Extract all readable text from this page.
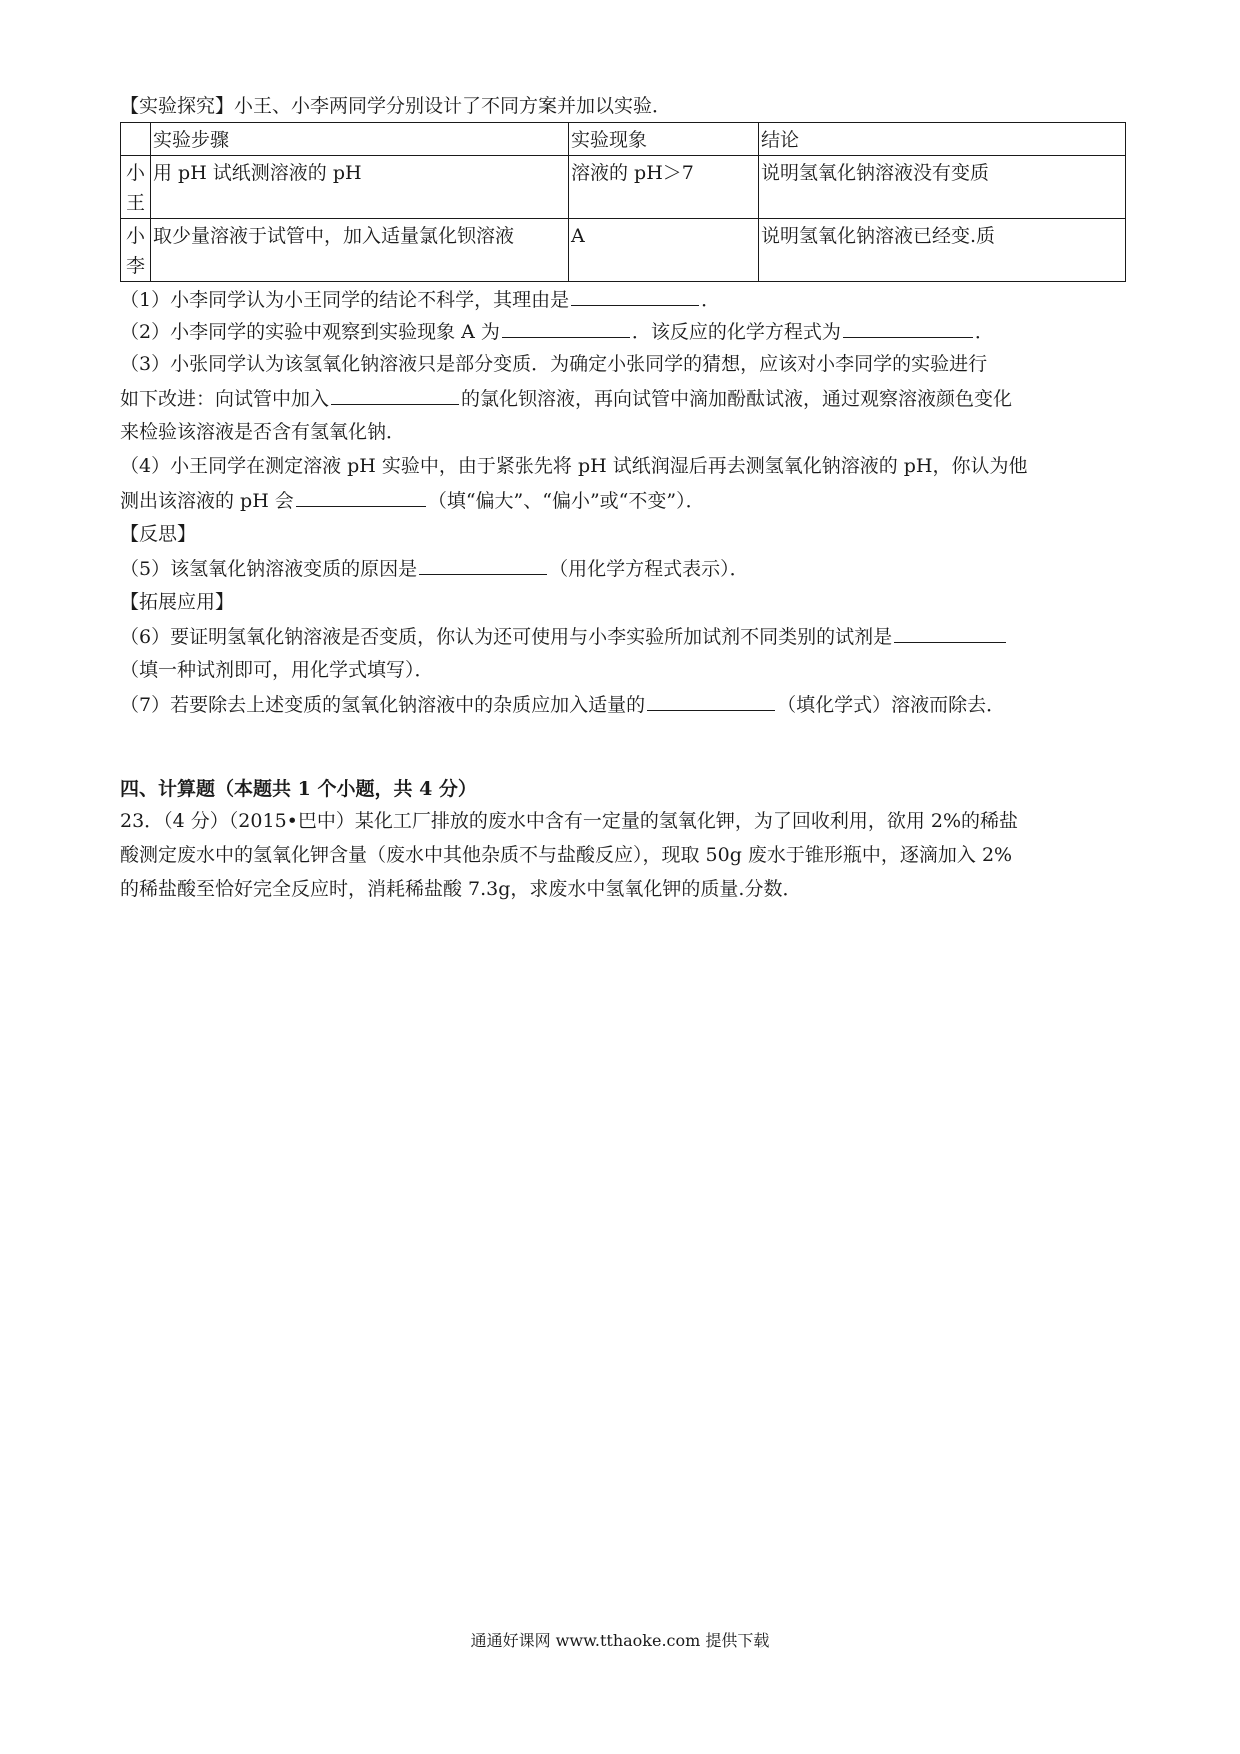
【实验探究】小王、小李两同学分别设计了不同方案并加以实验．
	实验步骤	实验现象	结论
小王	用 pH 试纸测溶液的 pH	溶液的 pH＞7	说明氢氧化钠溶液没有变质
小李	取少量溶液于试管中，加入适量氯化钡溶液	A	说明氢氧化钠溶液已经变.质
（1）小李同学认为小王同学的结论不科学，其理由是	．
（2）小李同学的实验中观察到实验现象 A 为	．该反应的化学方程式为	．
（3）小张同学认为该氢氧化钠溶液只是部分变质．为确定小张同学的猜想，应该对小李同学的实验进行
如下改进：向试管中加入	的氯化钡溶液，再向试管中滴加酚酞试液，通过观察溶液颜色变化
来检验该溶液是否含有氢氧化钠．
（4）小王同学在测定溶液 pH 实验中，由于紧张先将 pH 试纸润湿后再去测氢氧化钠溶液的 pH，你认为他
测出该溶液的 pH 会	（填“偏大”、“偏小”或“不变”）．
【反思】
（5）该氢氧化钠溶液变质的原因是	（用化学方程式表示）．
【拓展应用】
（6）要证明氢氧化钠溶液是否变质，你认为还可使用与小李实验所加试剂不同类别的试剂是
（填一种试剂即可，用化学式填写）．
（7）若要除去上述变质的氢氧化钠溶液中的杂质应加入适量的	（填化学式）溶液而除去．
四、计算题（本题共 1 个小题，共 4 分）
23．（4 分）（2015•巴中）某化工厂排放的废水中含有一定量的氢氧化钾，为了回收利用，欲用 2%的稀盐
酸测定废水中的氢氧化钾含量（废水中其他杂质不与盐酸反应），现取 50g 废水于锥形瓶中，逐滴加入 2%
的稀盐酸至恰好完全反应时，消耗稀盐酸 7.3g，求废水中氢氧化钾的质量.分数．
通通好课网 www.tthaoke.com 提供下载
